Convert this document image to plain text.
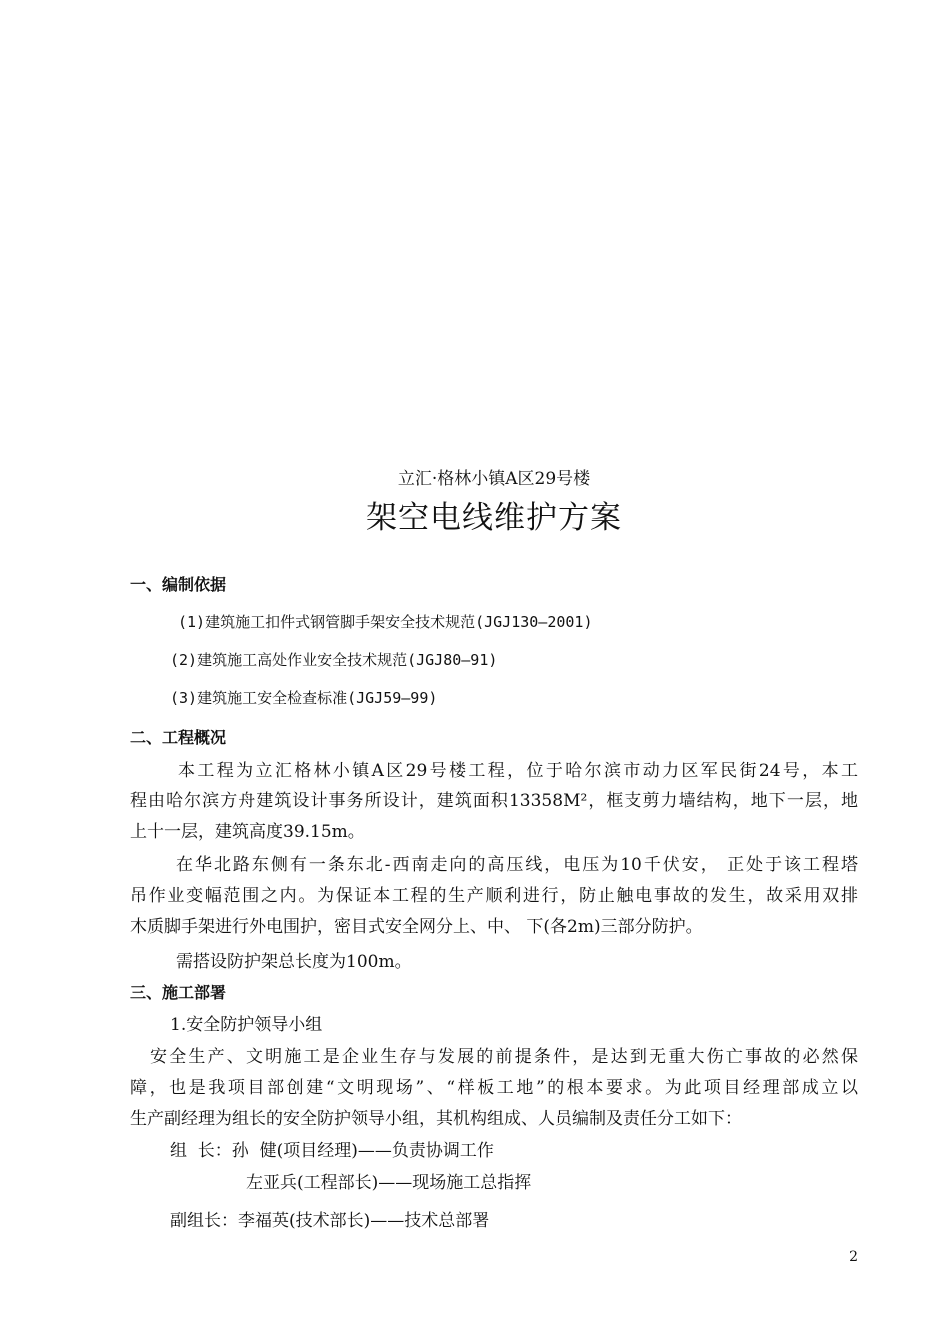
立汇·格林小镇A区29号楼
架空电线维护方案
一、编制依据
(1)建筑施工扣件式钢管脚手架安全技术规范(JGJ130—2001)
(2)建筑施工高处作业安全技术规范(JGJ80—91)
(3)建筑施工安全检查标准(JGJ59—99)
二、工程概况
本工程为立汇格林小镇A区29号楼工程，位于哈尔滨市动力区军民街24号，本工
程由哈尔滨方舟建筑设计事务所设计，建筑面积13358M²，框支剪力墙结构，地下一层，地
上十一层，建筑高度39.15m。
在华北路东侧有一条东北-西南走向的高压线，电压为10千伏安， 正处于该工程塔
吊作业变幅范围之内。为保证本工程的生产顺利进行，防止触电事故的发生，故采用双排
木质脚手架进行外电围护，密目式安全网分上、中、 下(各2m)三部分防护。
需搭设防护架总长度为100m。
三、施工部署
1.安全防护领导小组
安全生产、文明施工是企业生存与发展的前提条件，是达到无重大伤亡事故的必然保
障，也是我项目部创建“文明现场”、“样板工地”的根本要求。为此项目经理部成立以
生产副经理为组长的安全防护领导小组，其机构组成、人员编制及责任分工如下：
组  长：孙  健(项目经理)——负责协调工作
左亚兵(工程部长)——现场施工总指挥
副组长：李福英(技术部长)——技术总部署
2
